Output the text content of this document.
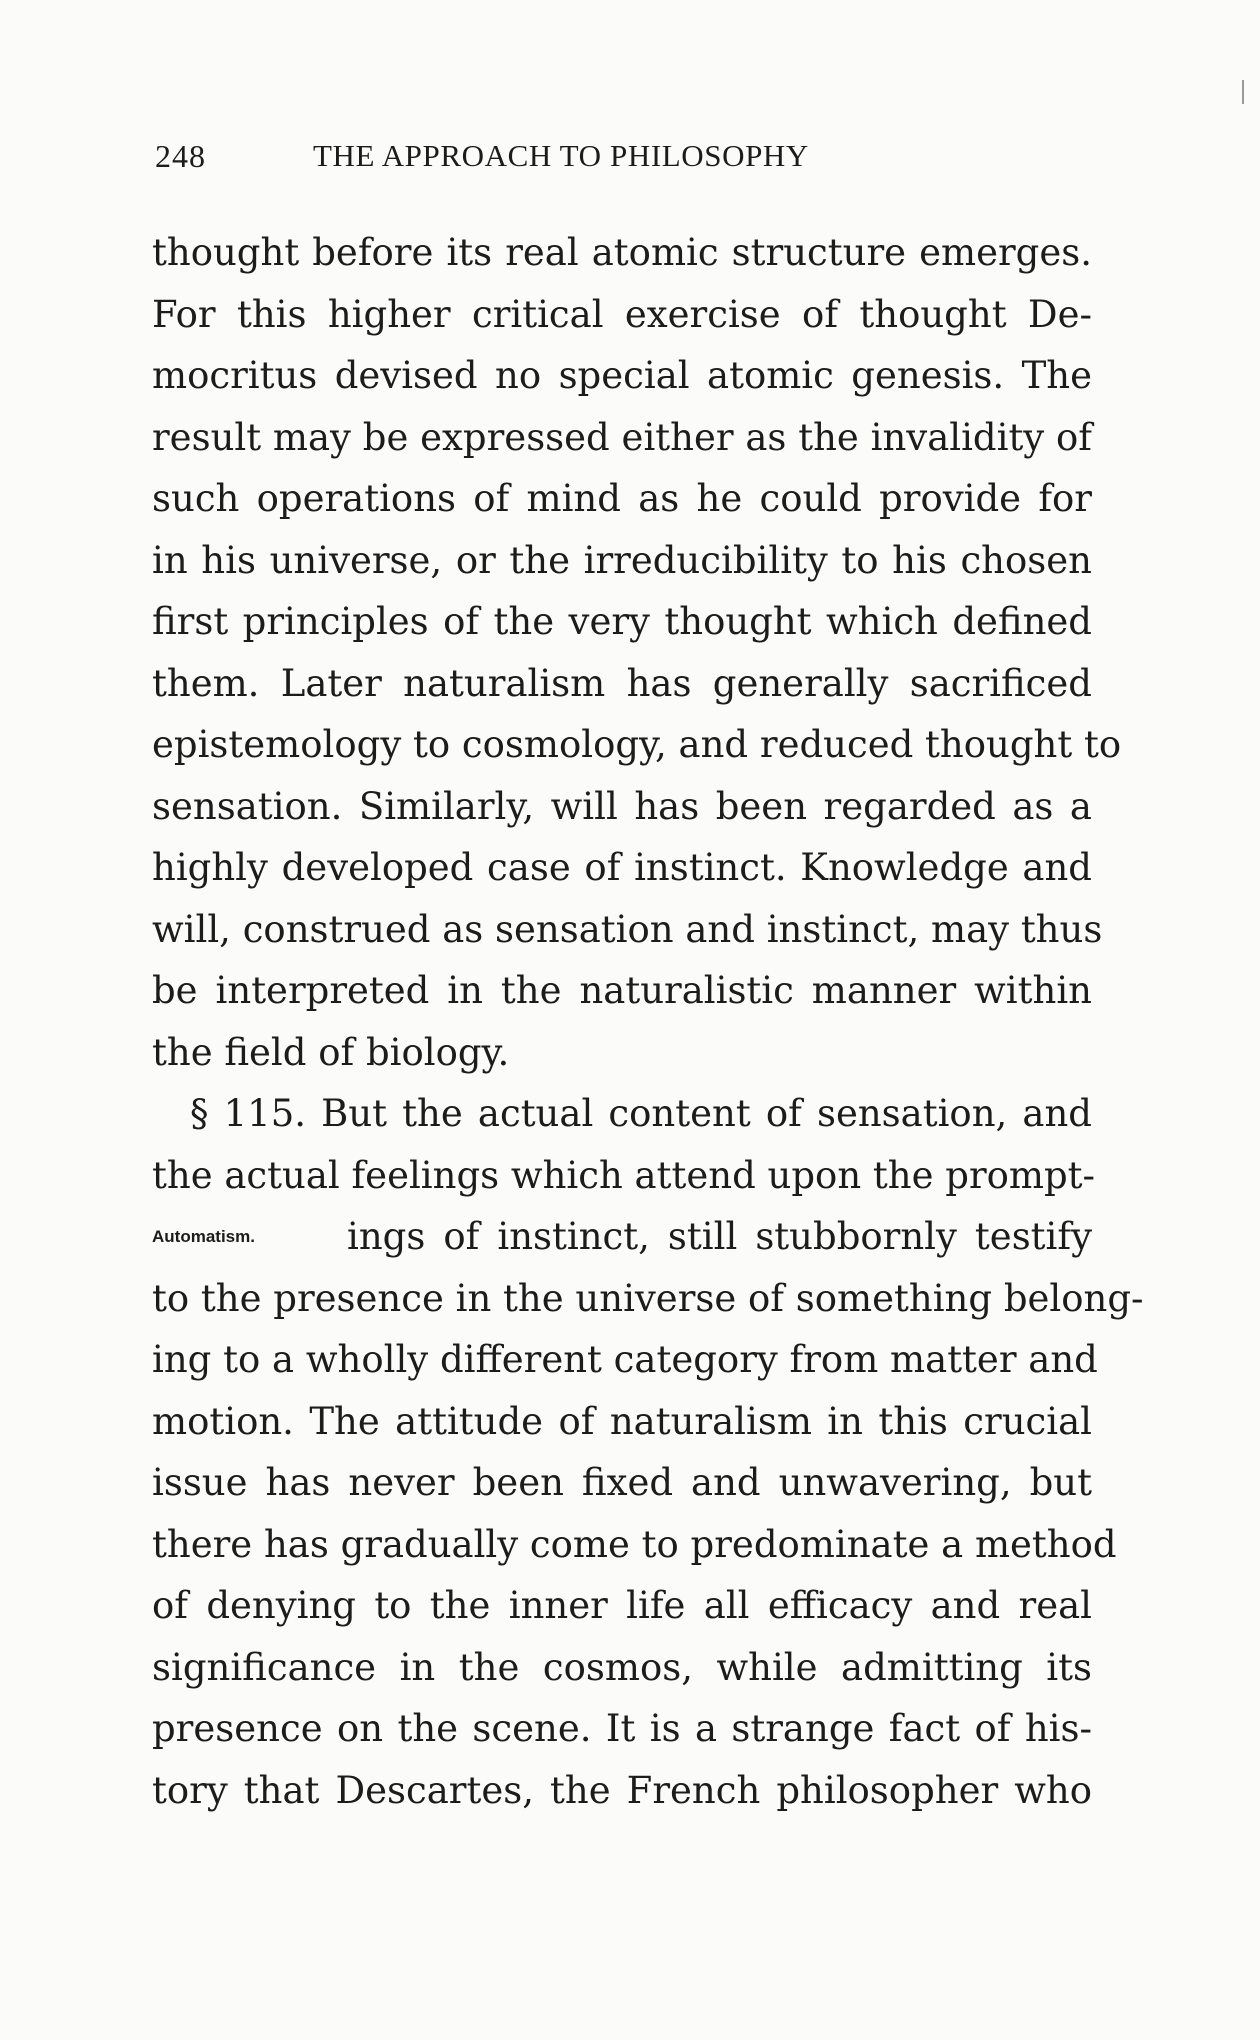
248	THE APPROACH TO PHILOSOPHY
thought before its real atomic structure emerges.
For this higher critical exercise of thought De-
mocritus devised no special atomic genesis. The
result may be expressed either as the invalidity of
such operations of mind as he could provide for
in his universe, or the irreducibility to his chosen
first principles of the very thought which defined
them. Later naturalism has generally sacrificed
epistemology to cosmology, and reduced thought to
sensation. Similarly, will has been regarded as a
highly developed case of instinct. Knowledge and
will, construed as sensation and instinct, may thus
be interpreted in the naturalistic manner within
the field of biology.
§ 115. But the actual content of sensation, and
the actual feelings which attend upon the prompt-
Automatism.	ings of instinct, still stubbornly testify
to the presence in the universe of something belong-
ing to a wholly different category from matter and
motion. The attitude of naturalism in this crucial
issue has never been fixed and unwavering, but
there has gradually come to predominate a method
of denying to the inner life all efficacy and real
significance in the cosmos, while admitting its
presence on the scene. It is a strange fact of his-
tory that Descartes, the French philosopher who
